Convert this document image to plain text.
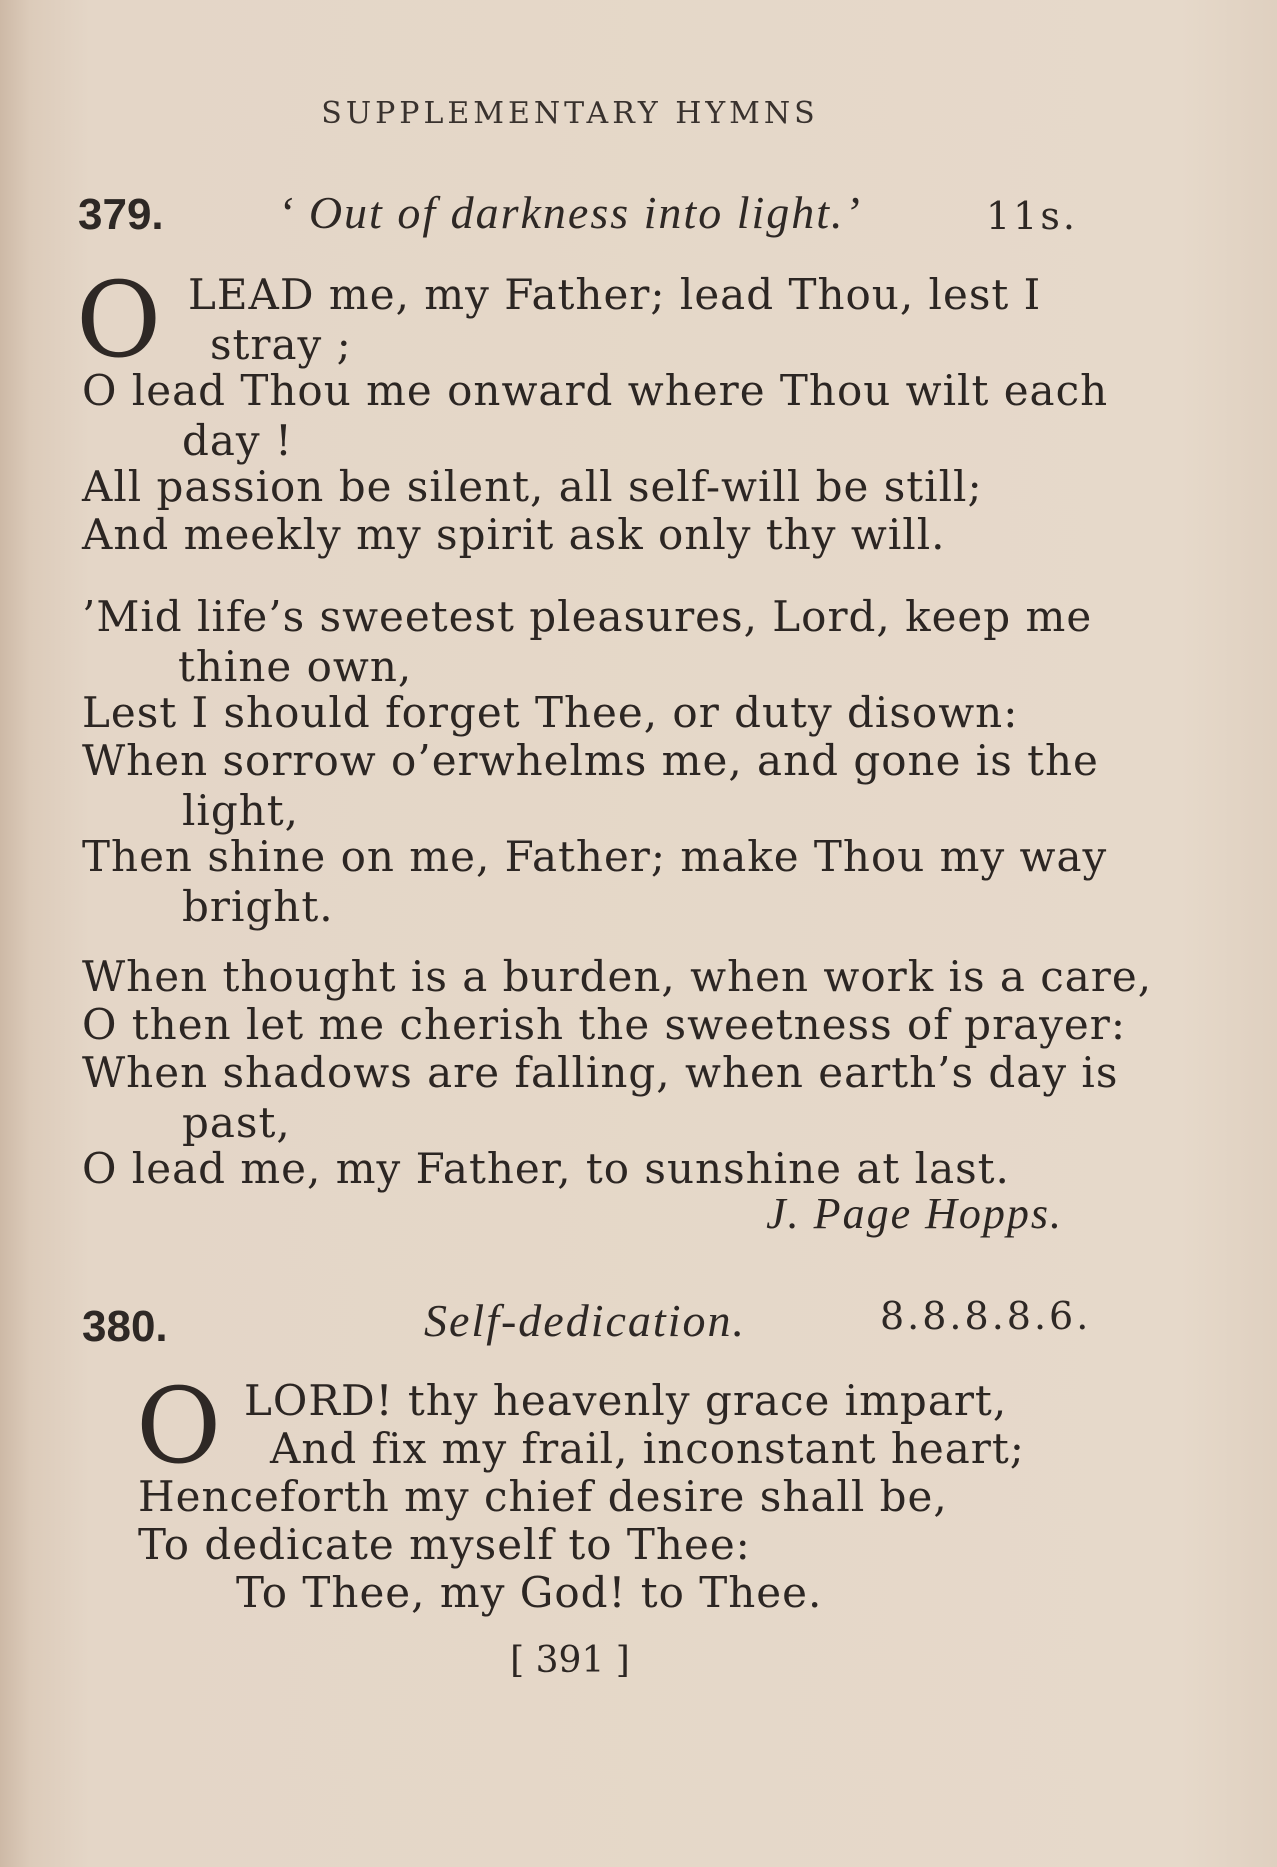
SUPPLEMENTARY HYMNS
379. ‘ Out of darkness into light.’	11s.
O LEAD me, my Father; lead Thou, lest I
stray ;
O lead Thou me onward where Thou wilt each
day !
All passion be silent, all self-will be still;
And meekly my spirit ask only thy will.
’Mid life’s sweetest pleasures, Lord, keep me
thine own,
Lest I should forget Thee, or duty disown:
When sorrow o’erwhelms me, and gone is the
light,
Then shine on me, Father; make Thou my way
bright.
When thought is a burden, when work is a care,
O then let me cherish the sweetness of prayer:
When shadows are falling, when earth’s day is
past,
O lead me, my Father, to sunshine at last.
J. Page Hopps.
380.	Self-dedication.	8.8.8.8.6.
O LORD! thy heavenly grace impart,
And fix my frail, inconstant heart;
Henceforth my chief desire shall be,
To dedicate myself to Thee:
To Thee, my God! to Thee.
[ 391 ]
